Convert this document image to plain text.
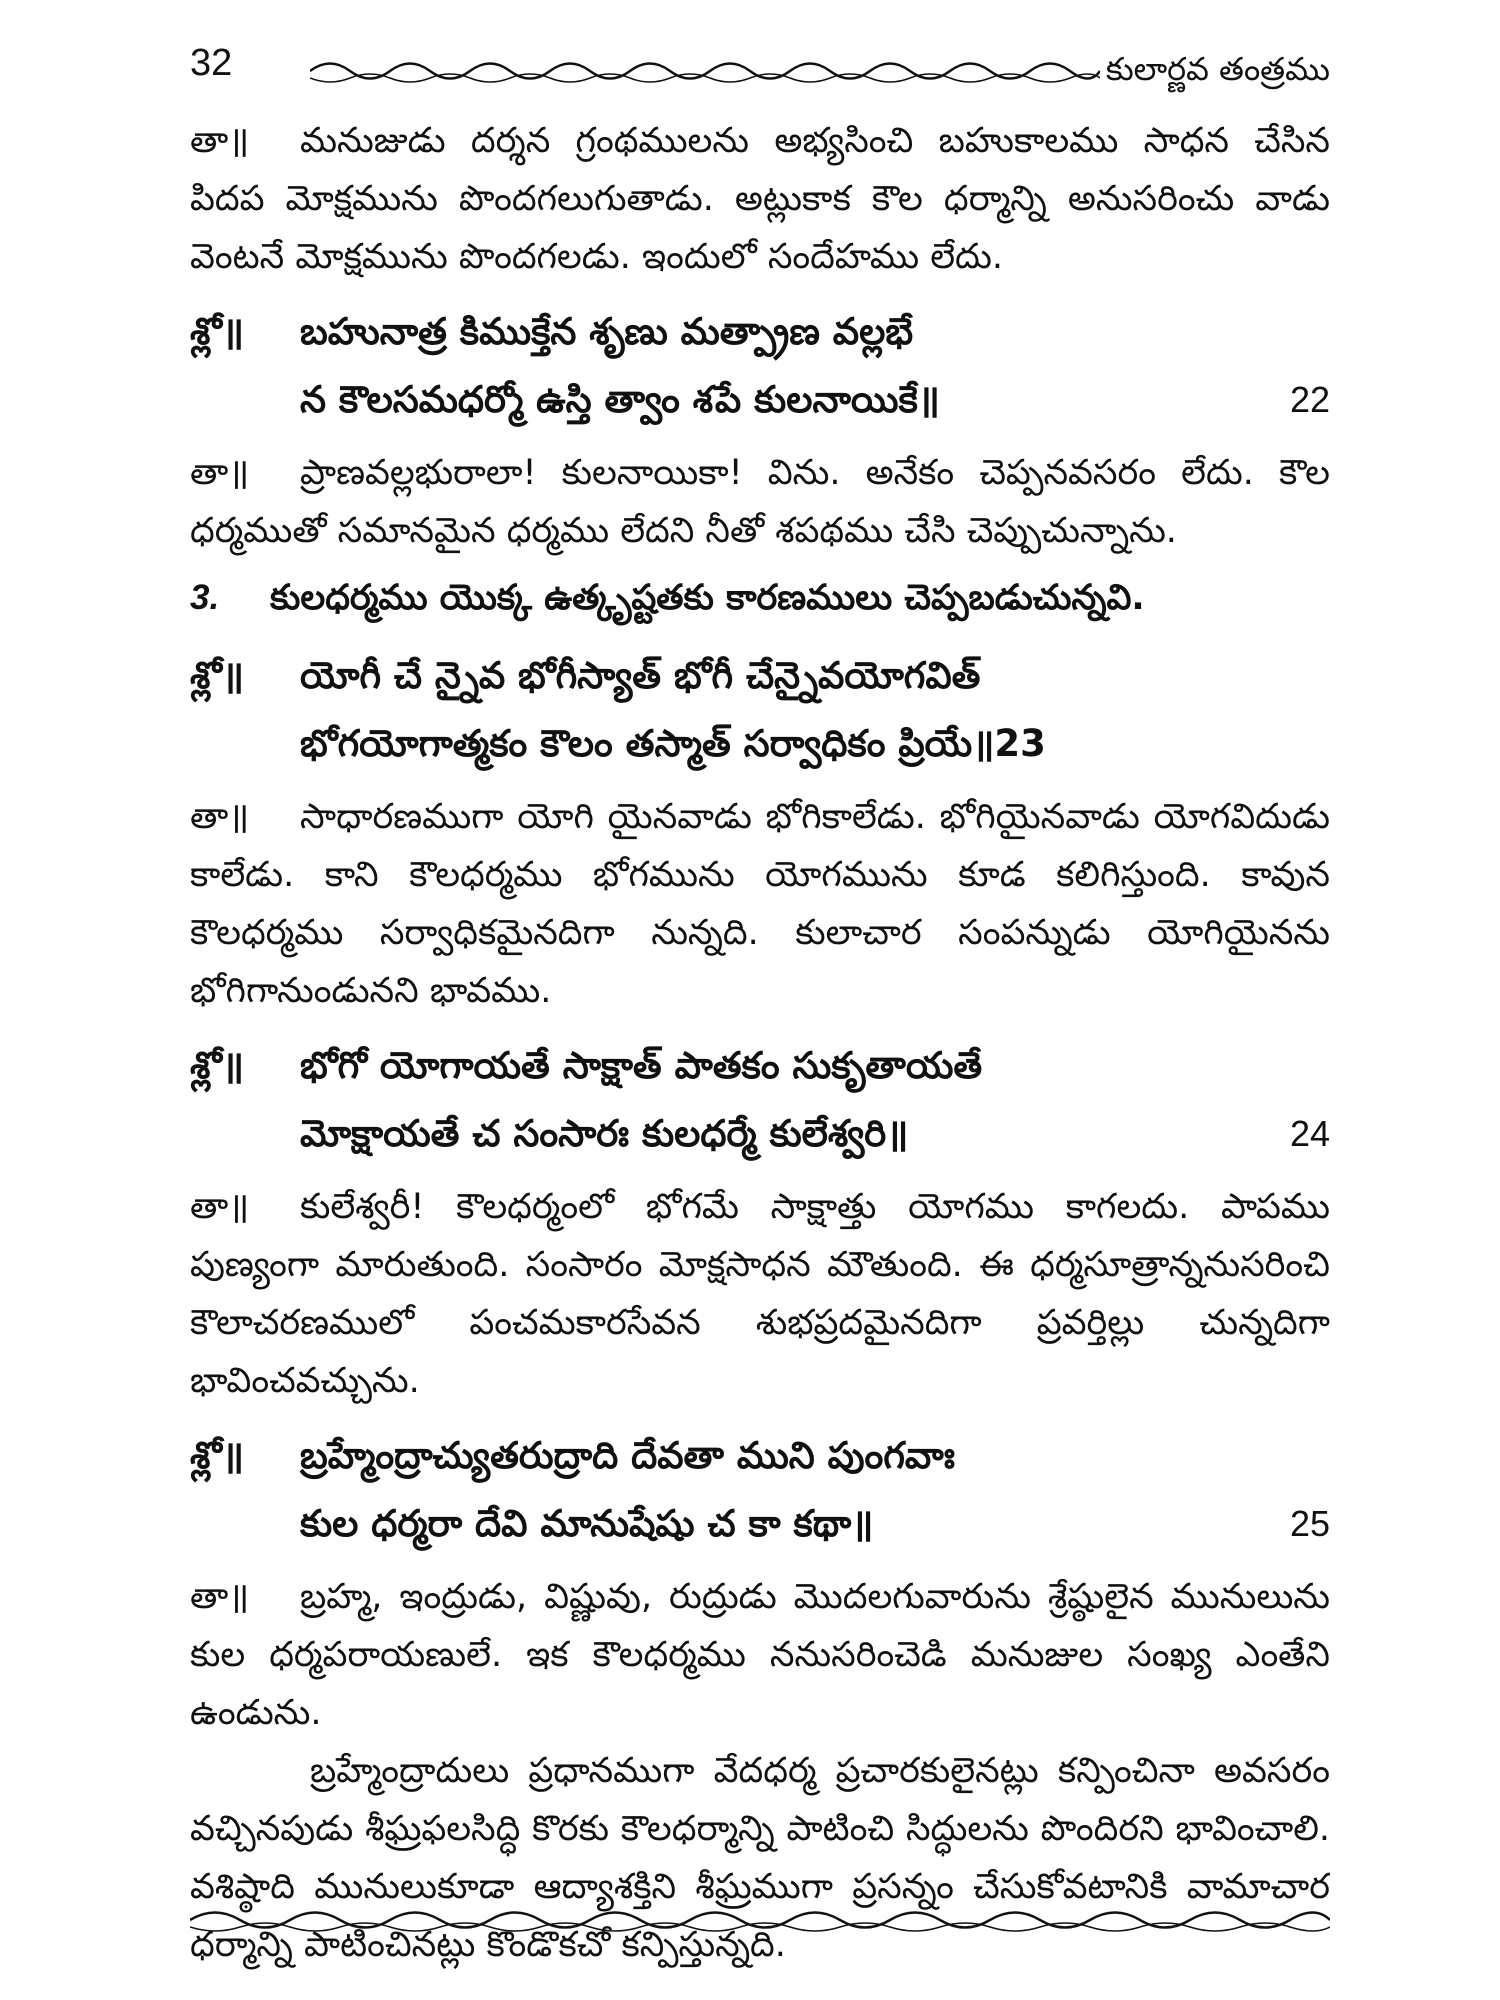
32	కులార్ణవ తంత్రము

తా॥ మనుజుడు దర్శన గ్రంథములను అభ్యసించి బహుకాలము సాధన చేసిన పిదప మోక్షమును పొందగలుగుతాడు. అట్లుకాక కౌల ధర్మాన్ని అనుసరించు వాడు వెంటనే మోక్షమును పొందగలడు. ఇందులో సందేహము లేదు.

శ్లో॥	బహునాత్ర కిముక్తేన శృణు మత్ప్రాణ వల్లభే
న కౌలసమధర్మో ఉస్తి త్వాం శపే కులనాయికే॥	22

తా॥ ప్రాణవల్లభురాలా! కులనాయికా! విను. అనేకం చెప్పనవసరం లేదు. కౌల ధర్మముతో సమానమైన ధర్మము లేదని నీతో శపథము చేసి చెప్పుచున్నాను.

3.	కులధర్మము యొక్క ఉత్కృష్టతకు కారణములు చెప్పబడుచున్నవి.
శ్లో॥	యోగీ చే న్నైవ భోగీస్యాత్ భోగీ చేన్నైవయోగవిత్
భోగయోగాత్మకం కౌలం తస్మాత్ సర్వాధికం ప్రియే॥23

తా॥ సాధారణముగా యోగి యైనవాడు భోగికాలేడు. భోగియైనవాడు యోగవిదుడు కాలేడు. కాని కౌలధర్మము భోగమును యోగమును కూడ కలిగిస్తుంది. కావున కౌలధర్మము సర్వాధికమైనదిగా నున్నది. కులాచార సంపన్నుడు యోగియైనను భోగిగానుండునని భావము.

శ్లో॥	భోగో యోగాయతే సాక్షాత్ పాతకం సుకృతాయతే
మోక్షాయతే చ సంసారః కులధర్మే కులేశ్వరి॥	24

తా॥ కులేశ్వరీ! కౌలధర్మంలో భోగమే సాక్షాత్తు యోగము కాగలదు. పాపము పుణ్యంగా మారుతుంది. సంసారం మోక్షసాధన మౌతుంది. ఈ ధర్మసూత్రాన్ననుసరించి కౌలాచరణములో పంచమకారసేవన శుభప్రదమైనదిగా ప్రవర్తిల్లు చున్నదిగా భావించవచ్చును.

శ్లో॥	బ్రహ్మేంద్రాచ్యుతరుద్రాది దేవతా ముని పుంగవాః
కుల ధర్మరా దేవి మానుషేషు చ కా కథా॥	25

తా॥ బ్రహ్మ, ఇంద్రుడు, విష్ణువు, రుద్రుడు మొదలగువారును శ్రేష్ఠులైన మునులును కుల ధర్మపరాయణులే. ఇక కౌలధర్మము ననుసరించెడి మనుజుల సంఖ్య ఎంతేని ఉండును.

బ్రహ్మేంద్రాదులు ప్రధానముగా వేదధర్మ ప్రచారకులైనట్లు కన్పించినా అవసరం వచ్చినపుడు శీఘ్రఫలసిద్ధి కొరకు కౌలధర్మాన్ని పాటించి సిద్ధులను పొందిరని భావించాలి. వశిష్ఠాది మునులుకూడా ఆద్యాశక్తిని శీఘ్రముగా ప్రసన్నం చేసుకోవటానికి వామాచార ధర్మాన్ని పాటించినట్లు కొండొకచో కన్పిస్తున్నది.
